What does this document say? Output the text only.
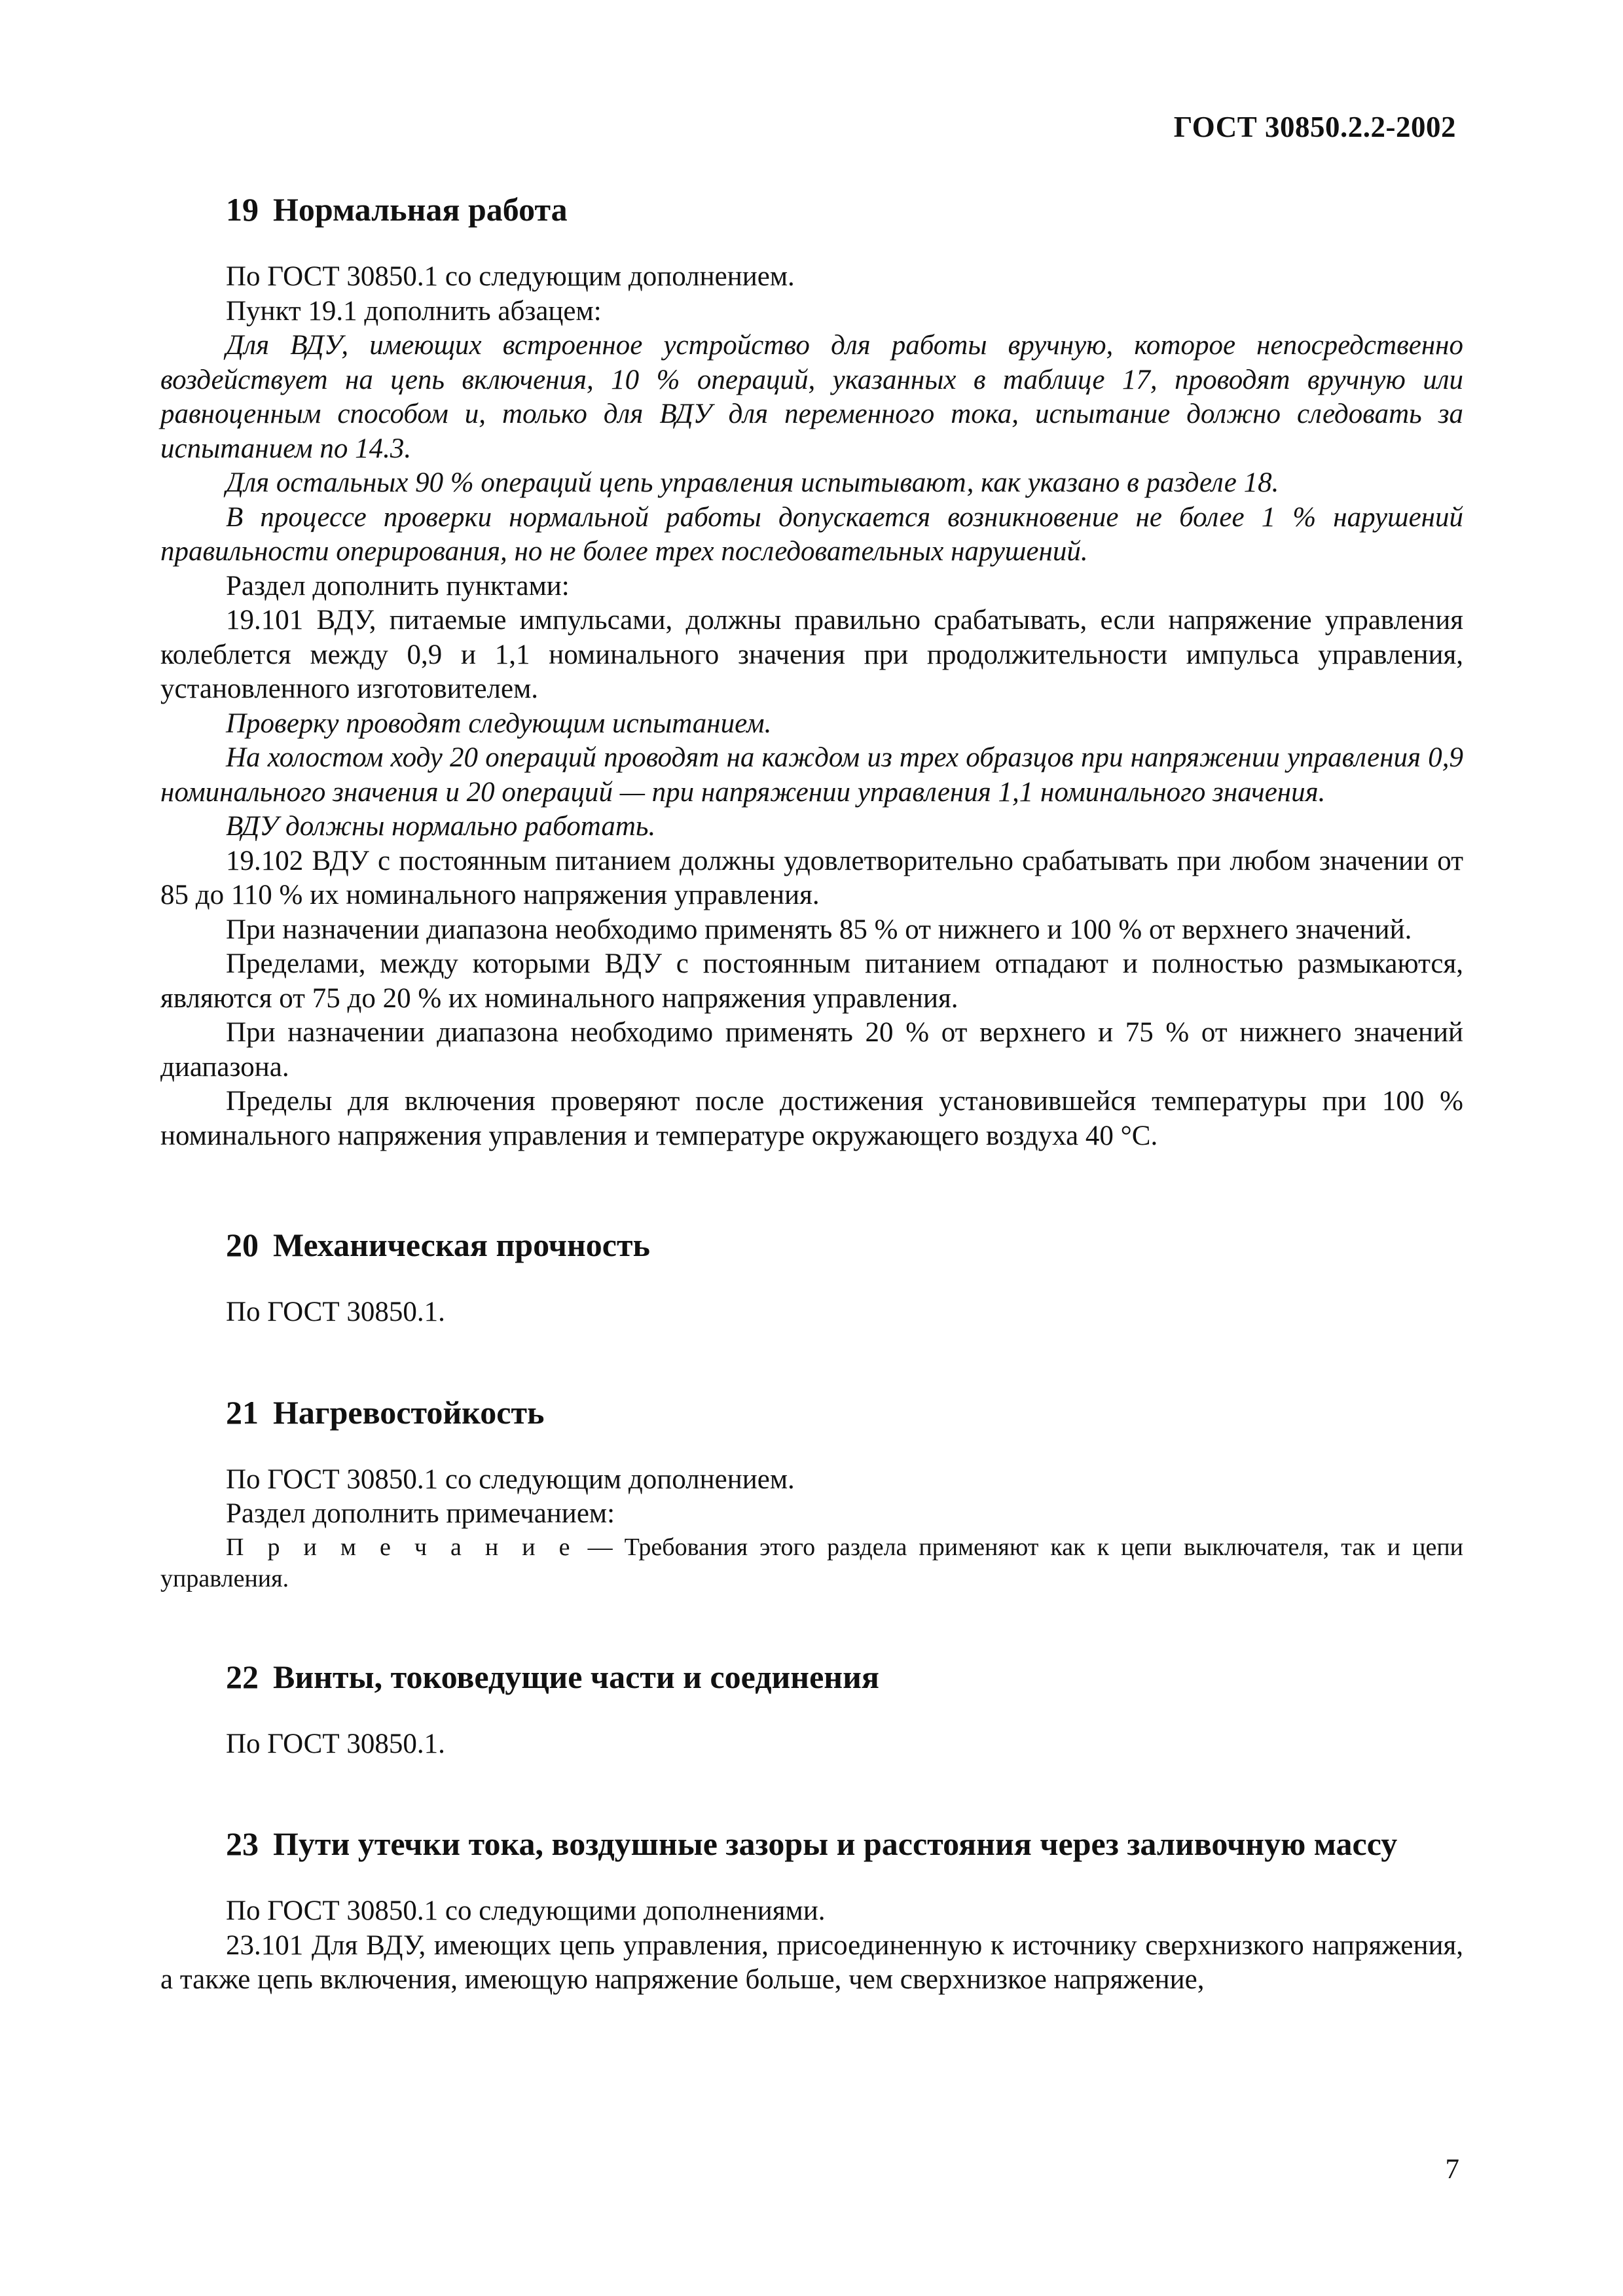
ГОСТ 30850.2.2-2002
19 Нормальная работа

По ГОСТ 30850.1 со следующим дополнением.

Пункт 19.1 дополнить абзацем:

Для ВДУ, имеющих встроенное устройство для работы вручную, которое непосредственно воздействует на цепь включения, 10 % операций, указанных в таблице 17, проводят вручную или равноценным способом и, только для ВДУ для переменного тока, испытание должно следовать за испытанием по 14.3.

Для остальных 90 % операций цепь управления испытывают, как указано в разделе 18.

В процессе проверки нормальной работы допускается возникновение не более 1 % нарушений правильности оперирования, но не более трех последовательных нарушений.

Раздел дополнить пунктами:

19.101 ВДУ, питаемые импульсами, должны правильно срабатывать, если напряжение управления колеблется между 0,9 и 1,1 номинального значения при продолжительности импульса управления, установленного изготовителем.

Проверку проводят следующим испытанием.

На холостом ходу 20 операций проводят на каждом из трех образцов при напряжении управления 0,9 номинального значения и 20 операций — при напряжении управления 1,1 номинального значения.

ВДУ должны нормально работать.

19.102 ВДУ с постоянным питанием должны удовлетворительно срабатывать при любом значении от 85 до 110 % их номинального напряжения управления.

При назначении диапазона необходимо применять 85 % от нижнего и 100 % от верхнего значений.

Пределами, между которыми ВДУ с постоянным питанием отпадают и полностью размыкаются, являются от 75 до 20 % их номинального напряжения управления.

При назначении диапазона необходимо применять 20 % от верхнего и 75 % от нижнего значений диапазона.

Пределы для включения проверяют после достижения установившейся температуры при 100 % номинального напряжения управления и температуре окружающего воздуха 40 °С.

20 Механическая прочность

По ГОСТ 30850.1.

21 Нагревостойкость

По ГОСТ 30850.1 со следующим дополнением.

Раздел дополнить примечанием:

П р и м е ч а н и е — Требования этого раздела применяют как к цепи выключателя, так и цепи управления.

22 Винты, токоведущие части и соединения

По ГОСТ 30850.1.

23 Пути утечки тока, воздушные зазоры и расстояния через заливочную массу

По ГОСТ 30850.1 со следующими дополнениями.

23.101 Для ВДУ, имеющих цепь управления, присоединенную к источнику сверхнизкого напряжения, а также цепь включения, имеющую напряжение больше, чем сверхнизкое напряжение,

7
